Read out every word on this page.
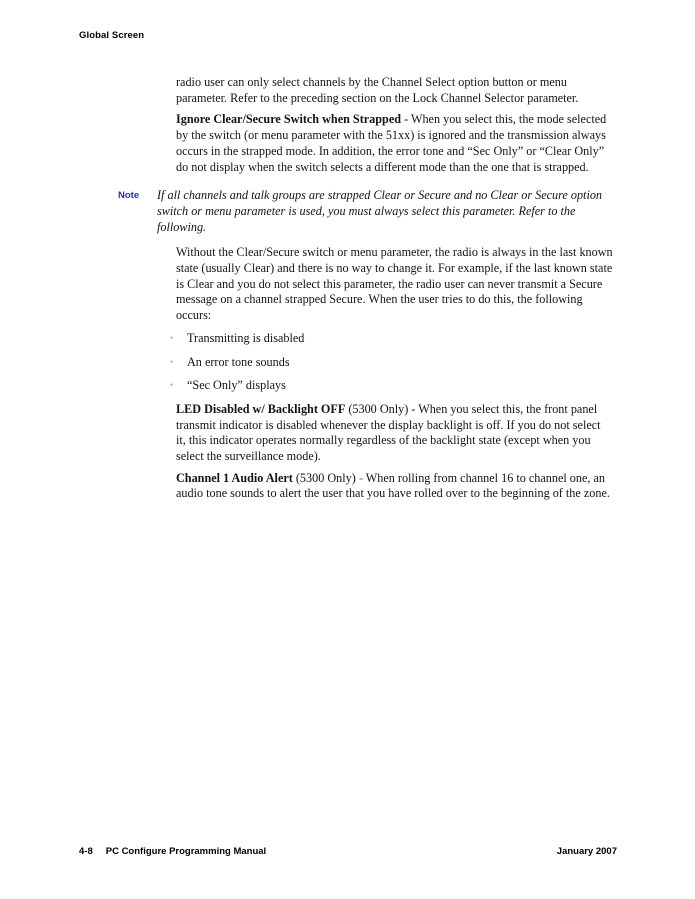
Global Screen

radio user can only select channels by the Channel Select option button or menu parameter. Refer to the preceding section on the Lock Channel Selector parameter.

Ignore Clear/Secure Switch when Strapped - When you select this, the mode selected by the switch (or menu parameter with the 51xx) is ignored and the transmission always occurs in the strapped mode. In addition, the error tone and “Sec Only” or “Clear Only” do not display when the switch selects a different mode than the one that is strapped.

Note	If all channels and talk groups are strapped Clear or Secure and no Clear or Secure option switch or menu parameter is used, you must always select this parameter. Refer to the following.

Without the Clear/Secure switch or menu parameter, the radio is always in the last known state (usually Clear) and there is no way to change it. For example, if the last known state is Clear and you do not select this parameter, the radio user can never transmit a Secure message on a channel strapped Secure. When the user tries to do this, the following occurs:

• Transmitting is disabled
• An error tone sounds
• “Sec Only” displays

LED Disabled w/ Backlight OFF (5300 Only) - When you select this, the front panel transmit indicator is disabled whenever the display backlight is off. If you do not select it, this indicator operates normally regardless of the backlight state (except when you select the surveillance mode).

Channel 1 Audio Alert (5300 Only) - When rolling from channel 16 to channel one, an audio tone sounds to alert the user that you have rolled over to the beginning of the zone.

4-8 PC Configure Programming Manual	January 2007
